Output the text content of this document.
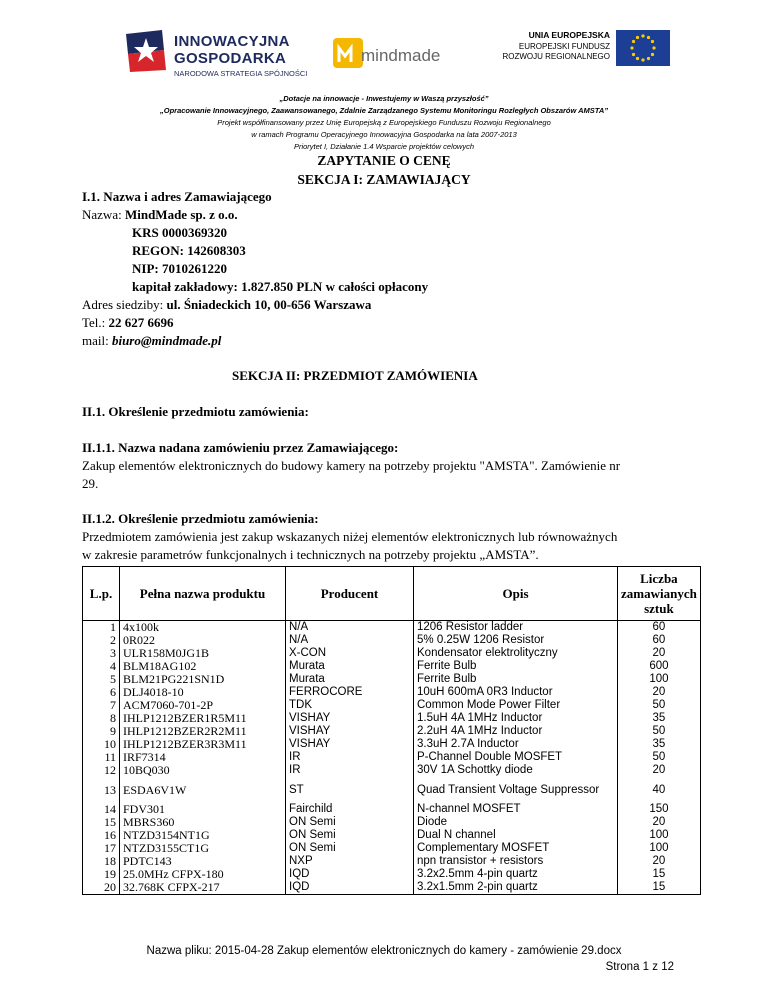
INNOWACYJNA
GOSPODARKA
NARODOWA STRATEGIA SPÓJNOŚCI
mindmade
UNIA EUROPEJSKA
EUROPEJSKI FUNDUSZ
ROZWOJU REGIONALNEGO
„Dotacje na innowacje - Inwestujemy w Waszą przyszłość”
„Opracowanie Innowacyjnego, Zaawansowanego, Zdalnie Zarządzanego Systemu Monitoringu Rozległych Obszarów AMSTA”
Projekt współfinansowany przez Unię Europejską z Europejskiego Funduszu Rozwoju Regionalnego
w ramach Programu Operacyjnego Innowacyjna Gospodarka na lata 2007-2013
Priorytet I, Działanie 1.4 Wsparcie projektów celowych
ZAPYTANIE O CENĘ
SEKCJA I: ZAMAWIAJĄCY
I.1. Nazwa i adres Zamawiającego
Nazwa: MindMade sp. z o.o.
KRS 0000369320
REGON: 142608303
NIP: 7010261220
kapitał zakładowy: 1.827.850 PLN w całości opłacony
Adres siedziby: ul. Śniadeckich 10, 00-656 Warszawa
Tel.: 22 627 6696
mail: biuro@mindmade.pl
SEKCJA II: PRZEDMIOT ZAMÓWIENIA
II.1. Określenie przedmiotu zamówienia:
II.1.1. Nazwa nadana zamówieniu przez Zamawiającego:
Zakup elementów elektronicznych do budowy kamery na potrzeby projektu "AMSTA". Zamówienie nr
29.
II.1.2. Określenie przedmiotu zamówienia:
Przedmiotem zamówienia jest zakup wskazanych niżej elementów elektronicznych lub równoważnych
w zakresie parametrów funkcjonalnych i technicznych na potrzeby projektu „AMSTA”.
L.p.	Pełna nazwa produktu	Producent	Opis	Liczba zamawianych sztuk
1	4x100k	N/A	1206 Resistor ladder	60
2	0R022	N/A	5% 0.25W 1206 Resistor	60
3	ULR158M0JG1B	X-CON	Kondensator elektrolityczny	20
4	BLM18AG102	Murata	Ferrite Bulb	600
5	BLM21PG221SN1D	Murata	Ferrite Bulb	100
6	DLJ4018-10	FERROCORE	10uH 600mA 0R3 Inductor	20
7	ACM7060-701-2P	TDK	Common Mode Power Filter	50
8	IHLP1212BZER1R5M11	VISHAY	1.5uH 4A 1MHz Inductor	35
9	IHLP1212BZER2R2M11	VISHAY	2.2uH 4A 1MHz Inductor	50
10	IHLP1212BZER3R3M11	VISHAY	3.3uH 2.7A Inductor	35
11	IRF7314	IR	P-Channel Double MOSFET	50
12	10BQ030	IR	30V 1A Schottky diode	20
13	ESDA6V1W	ST	Quad Transient Voltage Suppressor	40
14	FDV301	Fairchild	N-channel MOSFET	150
15	MBRS360	ON Semi	Diode	20
16	NTZD3154NT1G	ON Semi	Dual N channel	100
17	NTZD3155CT1G	ON Semi	Complementary MOSFET	100
18	PDTC143	NXP	npn transistor + resistors	20
19	25.0MHz CFPX-180	IQD	3.2x2.5mm 4-pin quartz	15
20	32.768K CFPX-217	IQD	3.2x1.5mm 2-pin quartz	15
Nazwa pliku: 2015-04-28 Zakup elementów elektronicznych do kamery - zamówienie 29.docx
Strona 1 z 12
